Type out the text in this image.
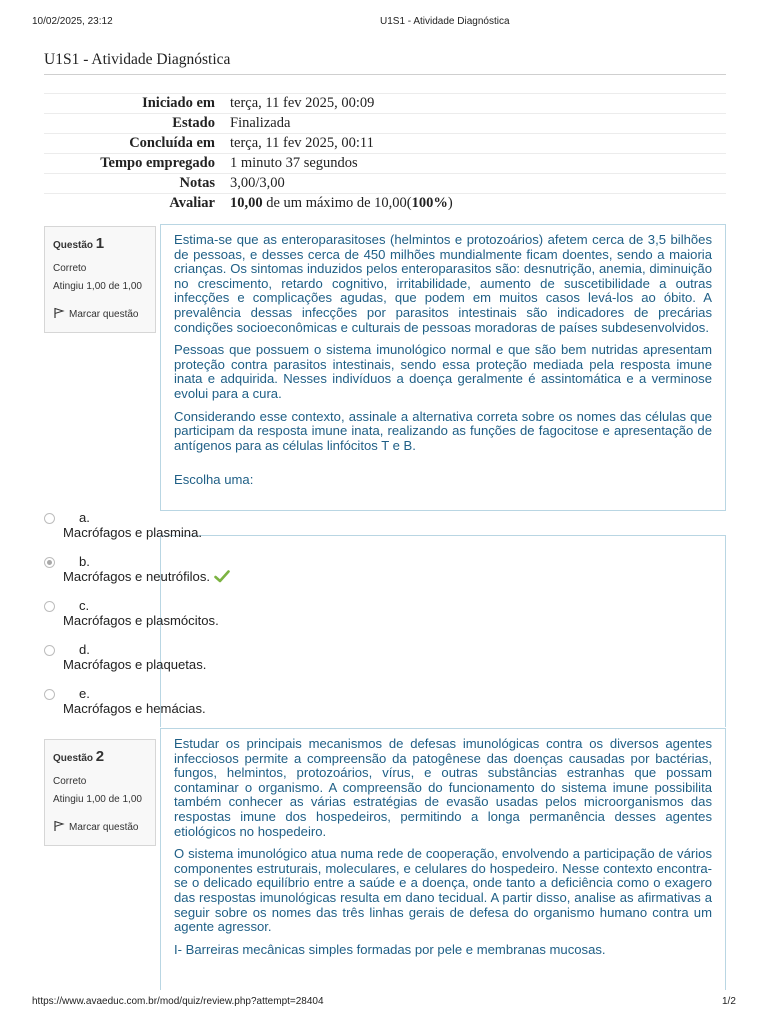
10/02/2025, 23:12	U1S1 - Atividade Diagnóstica
U1S1 - Atividade Diagnóstica
Iniciado em terça, 11 fev 2025, 00:09
Estado Finalizada
Concluída em terça, 11 fev 2025, 00:11
Tempo empregado 1 minuto 37 segundos
Notas 3,00/3,00
Avaliar 10,00 de um máximo de 10,00(100%)
Questão 1
Correto
Atingiu 1,00 de 1,00
Marcar questão

Estima-se que as enteroparasitoses (helmintos e protozoários) afetem cerca de 3,5 bilhões de pessoas, e desses cerca de 450 milhões mundialmente ficam doentes, sendo a maioria crianças. Os sintomas induzidos pelos enteroparasitos são: desnutrição, anemia, diminuição no crescimento, retardo cognitivo, irritabilidade, aumento de suscetibilidade a outras infecções e complicações agudas, que podem em muitos casos levá-los ao óbito. A prevalência dessas infecções por parasitos intestinais são indicadores de precárias condições socioeconômicas e culturais de pessoas moradoras de países subdesenvolvidos.

Pessoas que possuem o sistema imunológico normal e que são bem nutridas apresentam proteção contra parasitos intestinais, sendo essa proteção mediada pela resposta imune inata e adquirida. Nesses indivíduos a doença geralmente é assintomática e a verminose evolui para a cura.

Considerando esse contexto, assinale a alternativa correta sobre os nomes das células que participam da resposta imune inata, realizando as funções de fagocitose e apresentação de antígenos para as células linfócitos T e B.

Escolha uma:

a.
Macrófagos e plasmina.
b.
Macrófagos e neutrófilos.
c.
Macrófagos e plasmócitos.
d.
Macrófagos e plaquetas.
e.
Macrófagos e hemácias.
Questão 2
Correto
Atingiu 1,00 de 1,00
Marcar questão

Estudar os principais mecanismos de defesas imunológicas contra os diversos agentes infecciosos permite a compreensão da patogênese das doenças causadas por bactérias, fungos, helmintos, protozoários, vírus, e outras substâncias estranhas que possam contaminar o organismo. A compreensão do funcionamento do sistema imune possibilita também conhecer as várias estratégias de evasão usadas pelos microorganismos das respostas imune dos hospedeiros, permitindo a longa permanência desses agentes etiológicos no hospedeiro.

O sistema imunológico atua numa rede de cooperação, envolvendo a participação de vários componentes estruturais, moleculares, e celulares do hospedeiro. Nesse contexto encontra-se o delicado equilíbrio entre a saúde e a doença, onde tanto a deficiência como o exagero das respostas imunológicas resulta em dano tecidual. A partir disso, analise as afirmativas a seguir sobre os nomes das três linhas gerais de defesa do organismo humano contra um agente agressor.

I- Barreiras mecânicas simples formadas por pele e membranas mucosas.

https://www.avaeduc.com.br/mod/quiz/review.php?attempt=28404	1/2
